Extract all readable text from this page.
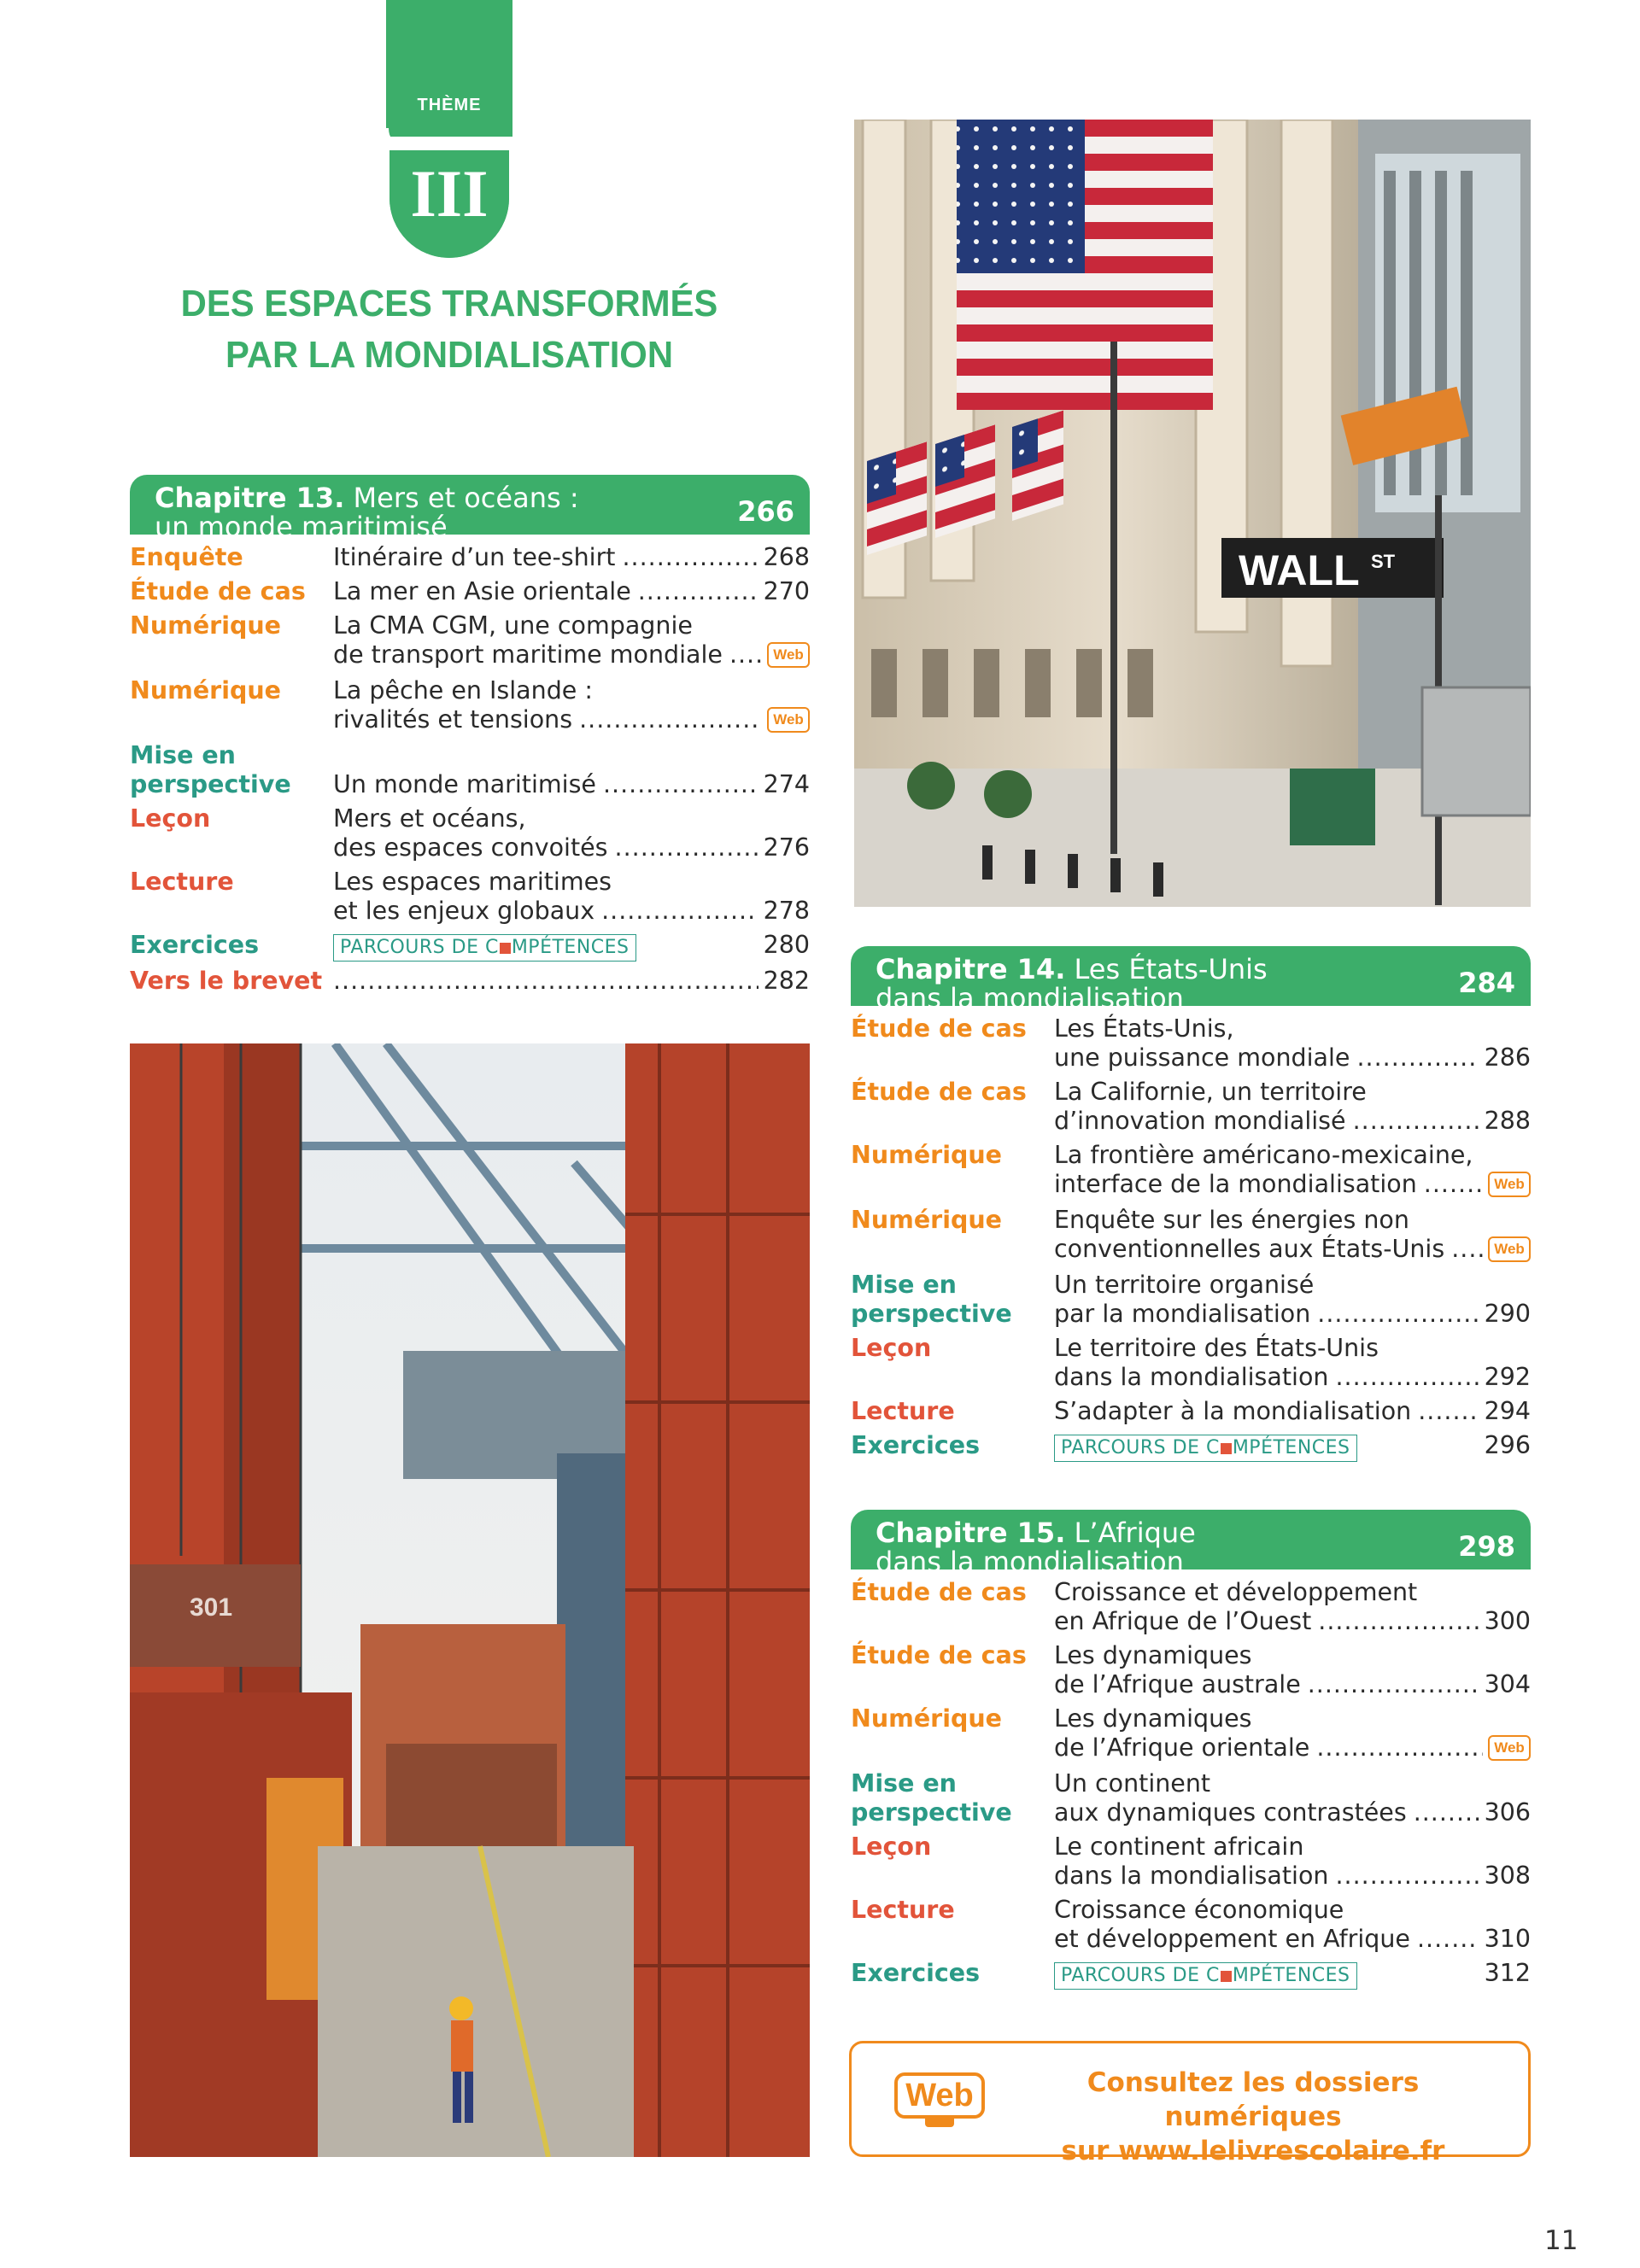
THÈME
III
DES ESPACES TRANSFORMÉS
PAR LA MONDIALISATION
WALL ST
Chapitre 13. Mers et océans :
un monde maritimisé	266
Enquête	Itinéraire d’un tee-shirt .....	268
Étude de cas	La mer en Asie orientale .....	270
Numérique	La CMA CGM, une compagnie
de transport maritime mondiale .....	Web
Numérique	La pêche en Islande :
rivalités et tensions .....	Web
Mise en
perspective
	Un monde maritimisé .....	274
Leçon	Mers et océans,
des espaces convoités .....	276
Lecture	Les espaces maritimes
et les enjeux globaux .....	278
Exercices	PARCOURS DE C MPÉTENCES	280
Vers le brevet .....	282
301
Chapitre 14. Les États-Unis
dans la mondialisation	284
Étude de cas	Les États-Unis,
une puissance mondiale .....	286
Étude de cas	La Californie, un territoire
d’innovation mondialisé .....	288
Numérique	La frontière américano-mexicaine,
interface de la mondialisation .....	Web
Numérique	Enquête sur les énergies non
conventionnelles aux États-Unis .....	Web
Mise en
perspective
Un territoire organisé
par la mondialisation .....	290
Leçon	Le territoire des États-Unis
dans la mondialisation .....	292
Lecture	S’adapter à la mondialisation .....	294
Exercices	PARCOURS DE C MPÉTENCES	296
Chapitre 15. L’Afrique
dans la mondialisation	298
Étude de cas	Croissance et développement
en Afrique de l’Ouest .....	300
Étude de cas	Les dynamiques
de l’Afrique australe .....	304
Numérique	Les dynamiques
de l’Afrique orientale .....	Web
Mise en
perspective
Un continent
aux dynamiques contrastées .....	306
Leçon	Le continent africain
dans la mondialisation .....	308
Lecture	Croissance économique
et développement en Afrique .....	310
Exercices	PARCOURS DE C MPÉTENCES	312
Web	Consultez les dossiers numériques
sur www.lelivrescolaire.fr
11
